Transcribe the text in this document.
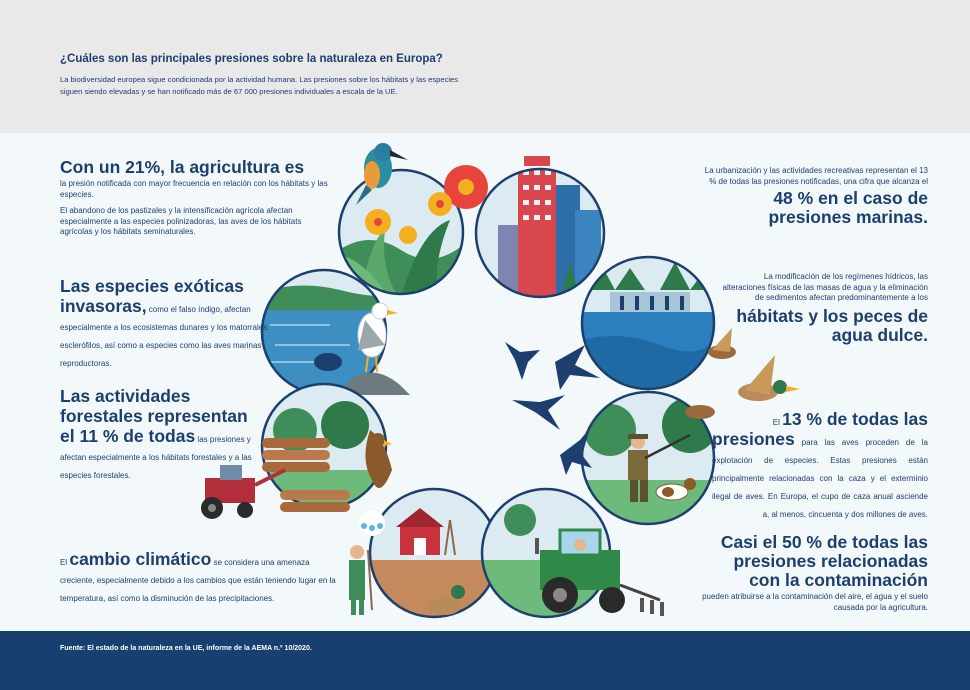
¿Cuáles son las principales presiones sobre la naturaleza en Europa?
La biodiversidad europea sigue condicionada por la actividad humana. Las presiones sobre los hábitats y las especies siguen siendo elevadas y se han notificado más de 67 000 presiones individuales a escala de la UE.
Con un 21%, la agricultura es
la presión notificada con mayor frecuencia en relación con los hábitats y las especies.
El abandono de los pastizales y la intensificación agrícola afectan especialmente a las especies polinizadoras, las aves de los hábitats agrícolas y los hábitats seminaturales.
Las especies exóticas invasoras, como el falso índigo, afectan especialmente a los ecosistemas dunares y los matorrales esclerófilos, así como a especies como las aves marinas reproductoras.
Las actividades forestales representan el 11 % de todas las presiones y afectan especialmente a los hábitats forestales y a las especies forestales.
El cambio climático se considera una amenaza creciente, especialmente debido a los cambios que están teniendo lugar en la temperatura, así como la disminución de las precipitaciones.
La urbanización y las actividades recreativas representan el 13 % de todas las presiones notificadas, una cifra que alcanza el
48 % en el caso de presiones marinas.
La modificación de los regímenes hídricos, las alteraciones físicas de las masas de agua y la eliminación de sedimentos afectan predominantemente a los
hábitats y los peces de agua dulce.
El 13 % de todas las
presiones para las aves proceden de la explotación de especies. Estas presiones están principalmente relacionadas con la caza y el exterminio ilegal de aves. En Europa, el cupo de caza anual asciende a, al menos, cincuenta y dos millones de aves.
Casi el 50 % de todas las presiones relacionadas con la contaminación
pueden atribuirse a la contaminación del aire, el agua y el suelo causada por la agricultura.
Fuente: El estado de la naturaleza en la UE, informe de la AEMA n.º 10/2020.
